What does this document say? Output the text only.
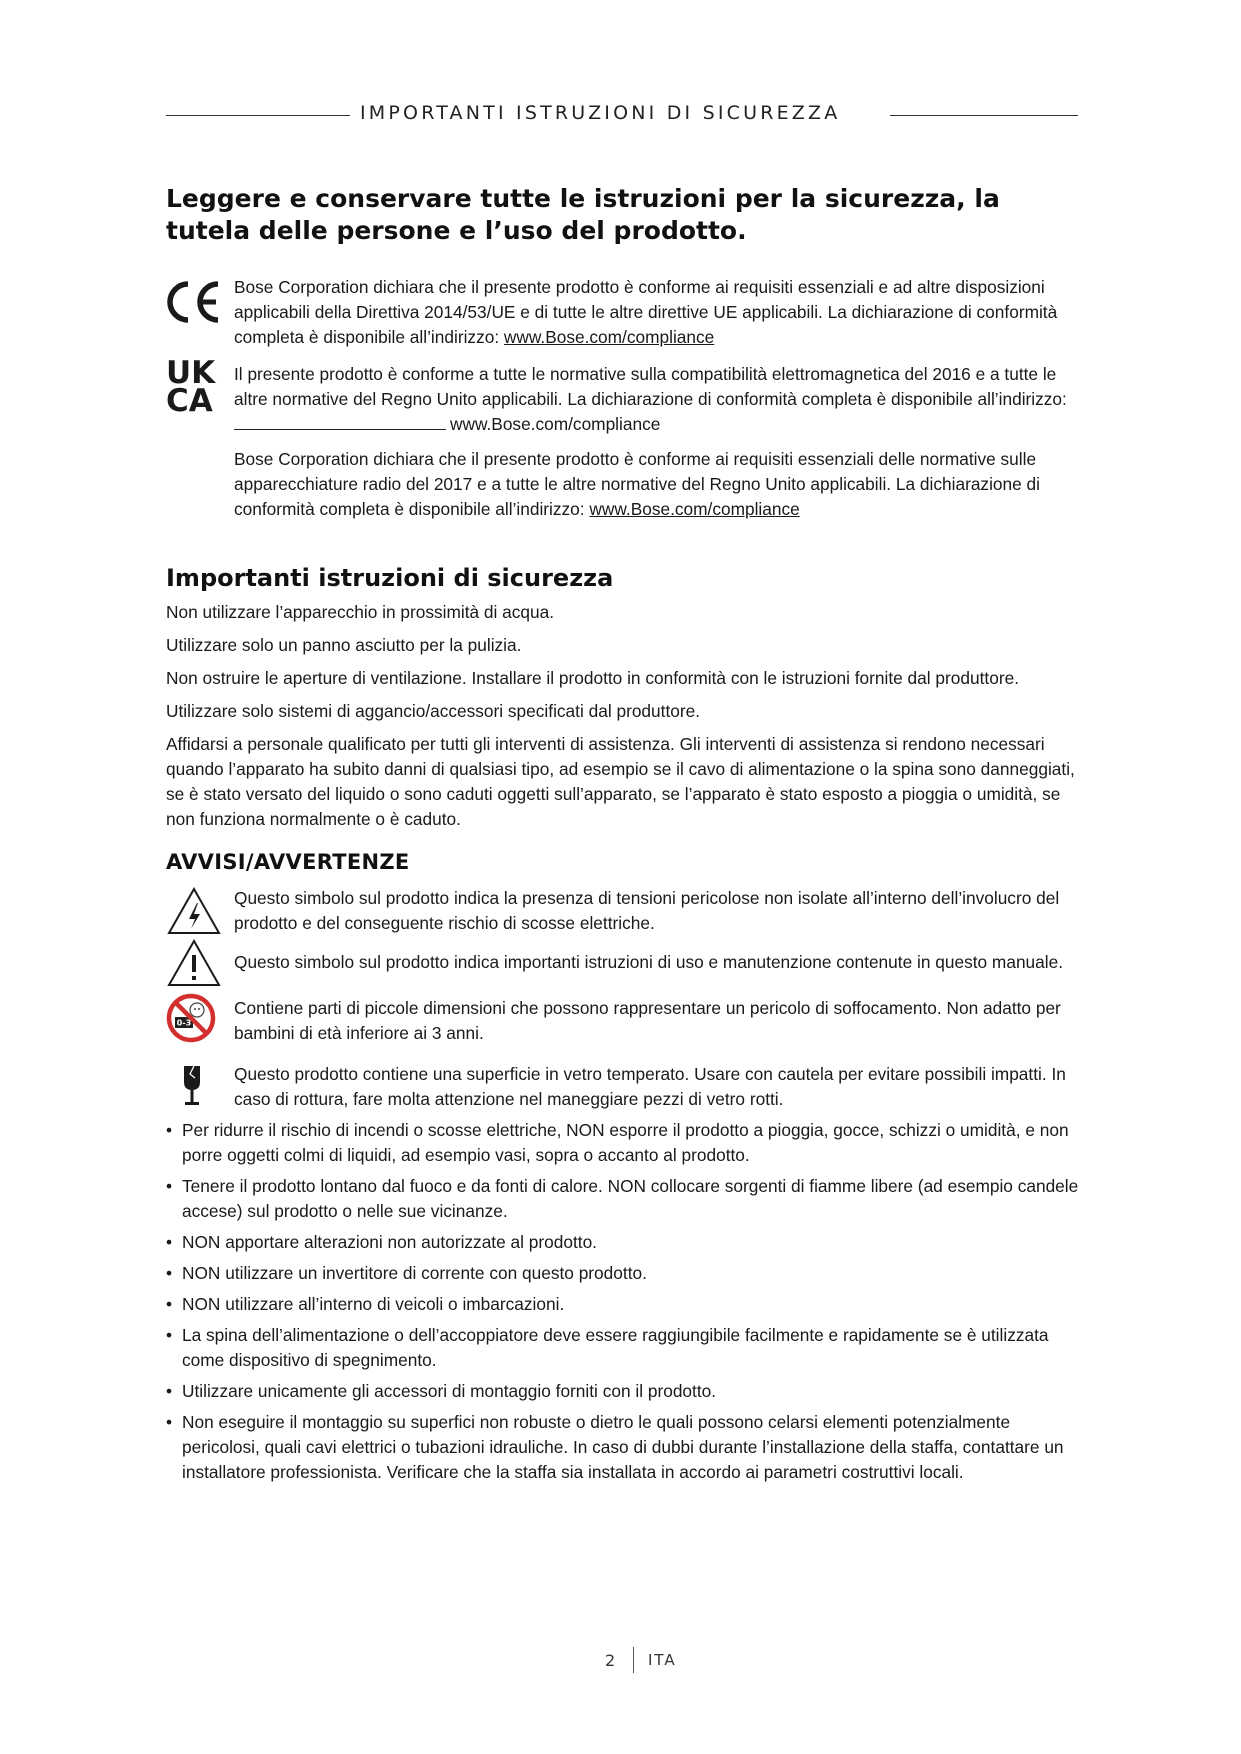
IMPORTANTI ISTRUZIONI DI SICUREZZA
Leggere e conservare tutte le istruzioni per la sicurezza, la tutela delle persone e l’uso del prodotto.
Bose Corporation dichiara che il presente prodotto è conforme ai requisiti essenziali e ad altre disposizioni applicabili della Direttiva 2014/53/UE e di tutte le altre direttive UE applicabili. La dichiarazione di conformità completa è disponibile all’indirizzo: www.Bose.com/compliance
UK
CA
Il presente prodotto è conforme a tutte le normative sulla compatibilità elettromagnetica del 2016 e a tutte le altre normative del Regno Unito applicabili. La dichiarazione di conformità completa è disponibile all’indirizzo: www.Bose.com/compliance
Bose Corporation dichiara che il presente prodotto è conforme ai requisiti essenziali delle normative sulle apparecchiature radio del 2017 e a tutte le altre normative del Regno Unito applicabili. La dichiarazione di conformità completa è disponibile all’indirizzo: www.Bose.com/compliance
Importanti istruzioni di sicurezza

Non utilizzare l’apparecchio in prossimità di acqua.

Utilizzare solo un panno asciutto per la pulizia.

Non ostruire le aperture di ventilazione. Installare il prodotto in conformità con le istruzioni fornite dal produttore.

Utilizzare solo sistemi di aggancio/accessori specificati dal produttore.

Affidarsi a personale qualificato per tutti gli interventi di assistenza. Gli interventi di assistenza si rendono necessari quando l’apparato ha subito danni di qualsiasi tipo, ad esempio se il cavo di alimentazione o la spina sono danneggiati, se è stato versato del liquido o sono caduti oggetti sull’apparato, se l’apparato è stato esposto a pioggia o umidità, se non funziona normalmente o è caduto.

AVVISI/AVVERTENZE
Questo simbolo sul prodotto indica la presenza di tensioni pericolose non isolate all’interno dell’involucro del prodotto e del conseguente rischio di scosse elettriche.
Questo simbolo sul prodotto indica importanti istruzioni di uso e manutenzione contenute in questo manuale.
0-3
Contiene parti di piccole dimensioni che possono rappresentare un pericolo di soffocamento. Non adatto per bambini di età inferiore ai 3 anni.
Questo prodotto contiene una superficie in vetro temperato. Usare con cautela per evitare possibili impatti. In caso di rottura, fare molta attenzione nel maneggiare pezzi di vetro rotti.
• Per ridurre il rischio di incendi o scosse elettriche, NON esporre il prodotto a pioggia, gocce, schizzi o umidità, e non porre oggetti colmi di liquidi, ad esempio vasi, sopra o accanto al prodotto.
• Tenere il prodotto lontano dal fuoco e da fonti di calore. NON collocare sorgenti di fiamme libere (ad esempio candele accese) sul prodotto o nelle sue vicinanze.
• NON apportare alterazioni non autorizzate al prodotto.
• NON utilizzare un invertitore di corrente con questo prodotto.
• NON utilizzare all’interno di veicoli o imbarcazioni.
• La spina dell’alimentazione o dell’accoppiatore deve essere raggiungibile facilmente e rapidamente se è utilizzata come dispositivo di spegnimento.
• Utilizzare unicamente gli accessori di montaggio forniti con il prodotto.
• Non eseguire il montaggio su superfici non robuste o dietro le quali possono celarsi elementi potenzialmente pericolosi, quali cavi elettrici o tubazioni idrauliche. In caso di dubbi durante l’installazione della staffa, contattare un installatore professionista. Verificare che la staffa sia installata in accordo ai parametri costruttivi locali.
2 ITA
